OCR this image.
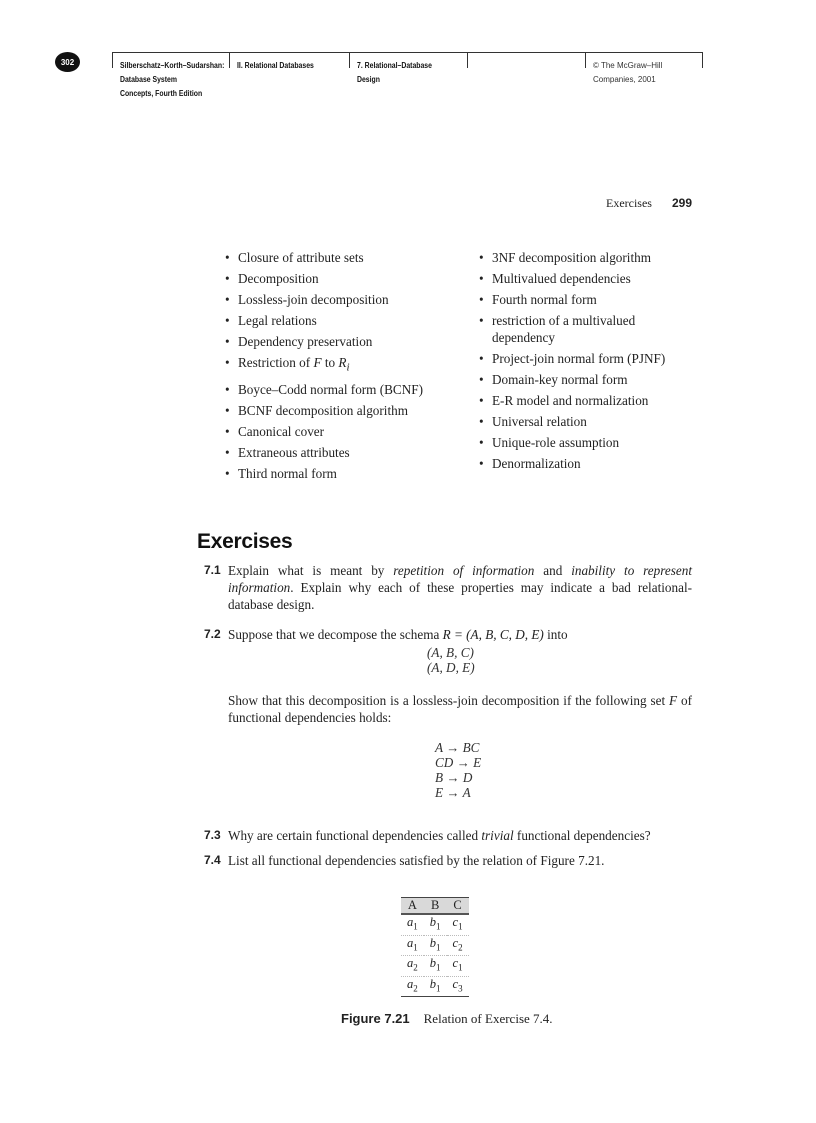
302	Silberschatz–Korth–Sudarshan:
Database System
Concepts, Fourth Edition
II. Relational Databases	7. Relational–Database
Design
© The McGraw–Hill
Companies, 2001
Exercises 299
• Closure of attribute sets
• Decomposition
• Lossless-join decomposition
• Legal relations
• Dependency preservation
• Restriction of F to $R_i$
• Boyce–Codd normal form (BCNF)
• BCNF decomposition algorithm
• Canonical cover
• Extraneous attributes
• Third normal form
• 3NF decomposition algorithm
• Multivalued dependencies
• Fourth normal form
• restriction of a multivalued dependency
• Project-join normal form (PJNF)
• Domain-key normal form
• E-R model and normalization
• Universal relation
• Unique-role assumption
• Denormalization
Exercises
7.1 Explain what is meant by repetition of information and inability to represent information. Explain why each of these properties may indicate a bad relational-database design.
7.2 Suppose that we decompose the schema R = (A, B, C, D, E) into
(A, B, C)
(A, D, E)
Show that this decomposition is a lossless-join decomposition if the following set F of functional dependencies holds:
A → BC
CD → E
B → D
E → A
7.3 Why are certain functional dependencies called trivial functional dependencies?
7.4 List all functional dependencies satisfied by the relation of Figure 7.21.
A	B	C
$a_1$	$b_1$	$c_1$
$a_1$	$b_1$	$c_2$
$a_2$	$b_1$	$c_1$
$a_2$	$b_1$	$c_3$
Figure 7.21 Relation of Exercise 7.4.
